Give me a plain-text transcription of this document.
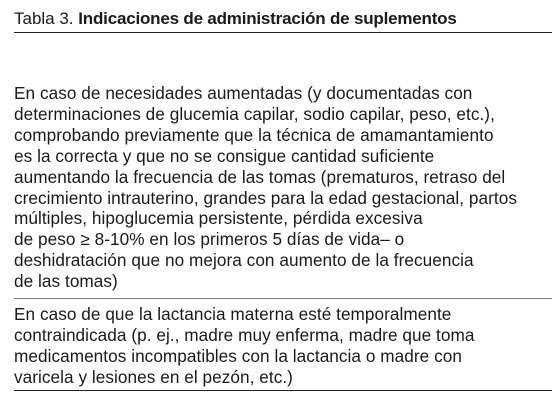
Tabla 3. Indicaciones de administración de suplementos
En caso de necesidades aumentadas (y documentadas con
determinaciones de glucemia capilar, sodio capilar, peso, etc.),
comprobando previamente que la técnica de amamantamiento
es la correcta y que no se consigue cantidad suficiente
aumentando la frecuencia de las tomas (prematuros, retraso del
crecimiento intrauterino, grandes para la edad gestacional, partos
múltiples, hipoglucemia persistente, pérdida excesiva
de peso ≥ 8-10% en los primeros 5 días de vida– o
deshidratación que no mejora con aumento de la frecuencia
de las tomas)
En caso de que la lactancia materna esté temporalmente
contraindicada (p. ej., madre muy enferma, madre que toma
medicamentos incompatibles con la lactancia o madre con
varicela y lesiones en el pezón, etc.)
